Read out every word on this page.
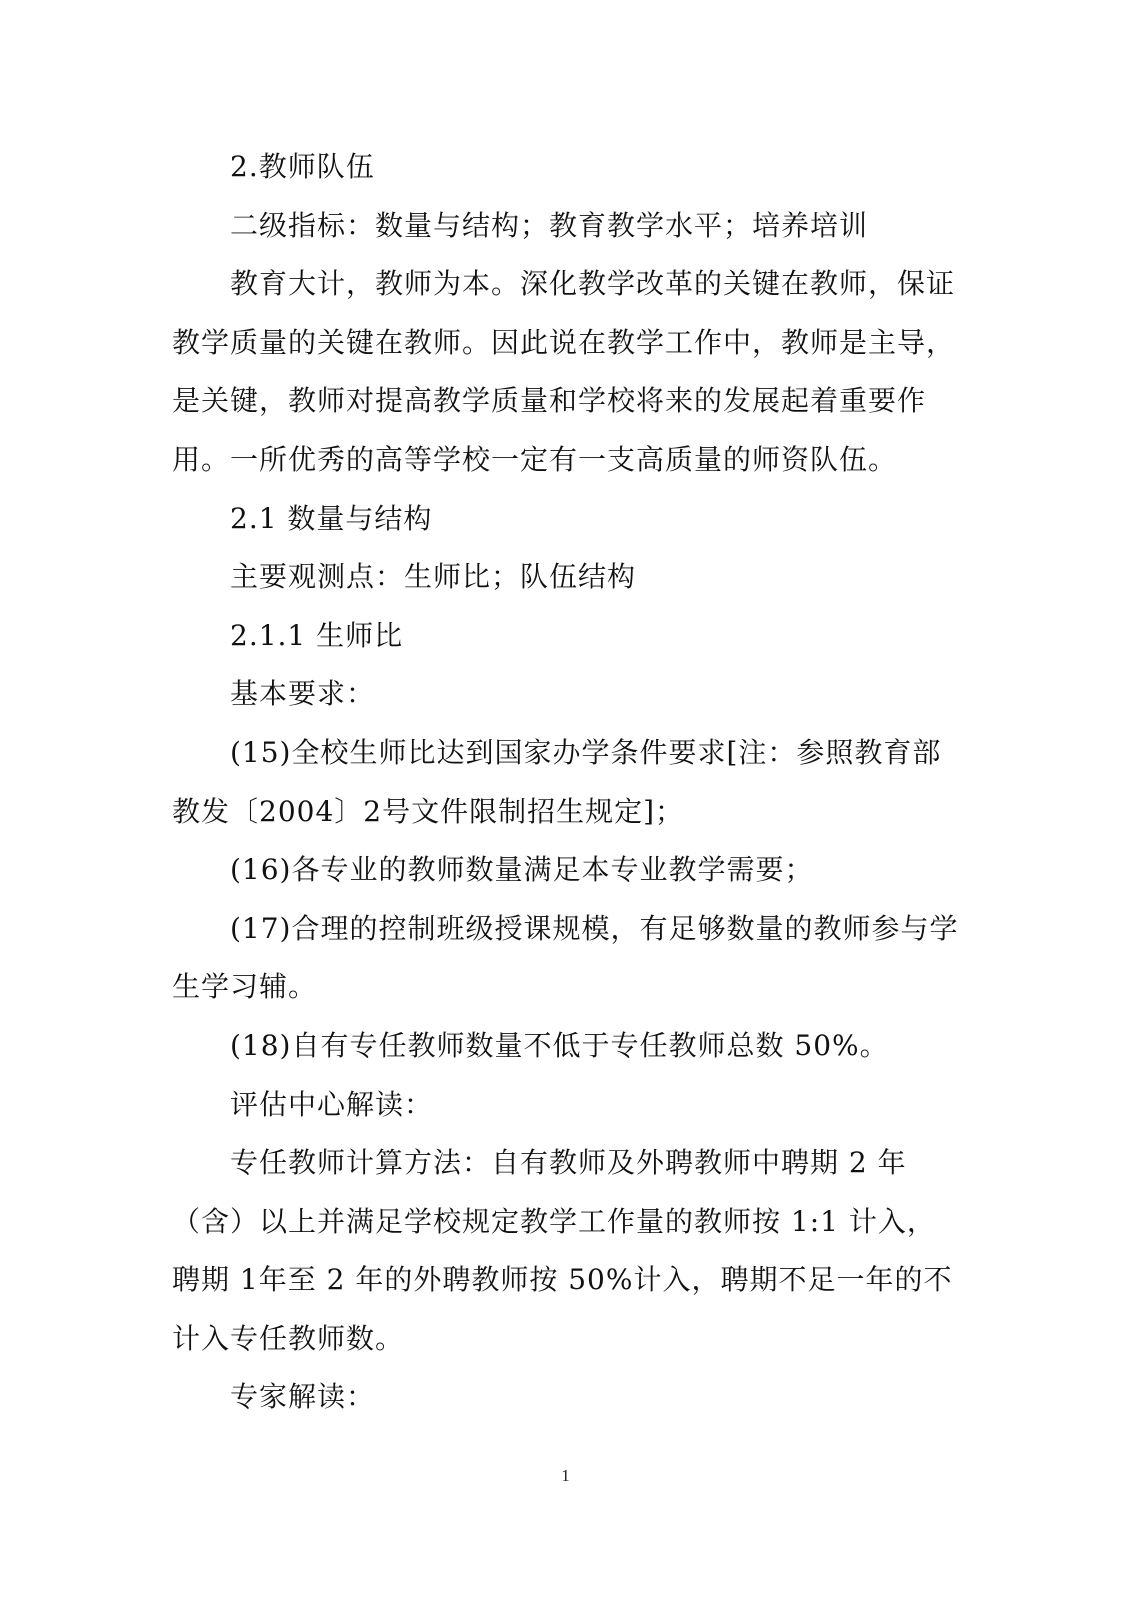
2.教师队伍

二级指标：数量与结构；教育教学水平；培养培训

教育大计，教师为本。深化教学改革的关键在教师，保证教学质量的关键在教师。因此说在教学工作中，教师是主导，是关键，教师对提高教学质量和学校将来的发展起着重要作用。一所优秀的高等学校一定有一支高质量的师资队伍。

2.1 数量与结构

主要观测点：生师比；队伍结构

2.1.1 生师比

基本要求：

(15)全校生师比达到国家办学条件要求[注：参照教育部教发〔2004〕2号文件限制招生规定]；

(16)各专业的教师数量满足本专业教学需要；

(17)合理的控制班级授课规模，有足够数量的教师参与学生学习辅。

(18)自有专任教师数量不低于专任教师总数 50%。

评估中心解读：

专任教师计算方法：自有教师及外聘教师中聘期 2 年（含）以上并满足学校规定教学工作量的教师按 1:1 计入，聘期 1年至 2 年的外聘教师按 50%计入，聘期不足一年的不计入专任教师数。

专家解读：

1
